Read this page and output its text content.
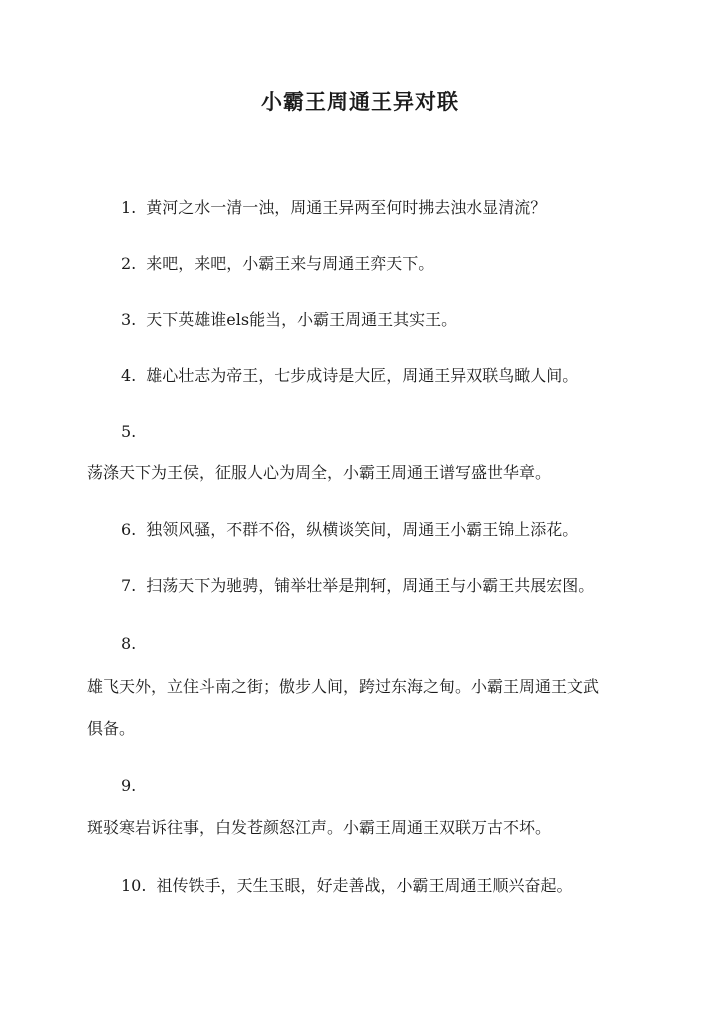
小霸王周通王异对联
1. 黄河之水一清一浊，周通王异两至何时拂去浊水显清流？
2. 来吧，来吧，小霸王来与周通王弈天下。
3. 天下英雄谁els能当，小霸王周通王其实王。
4. 雄心壮志为帝王，七步成诗是大匠，周通王异双联鸟瞰人间。
5.
荡涤天下为王侯，征服人心为周全，小霸王周通王谱写盛世华章。
6. 独领风骚，不群不俗，纵横谈笑间，周通王小霸王锦上添花。
7. 扫荡天下为驰骋，铺举壮举是荆轲，周通王与小霸王共展宏图。
8.
雄飞天外，立住斗南之街；傲步人间，跨过东海之甸。小霸王周通王文武
俱备。
9.
斑驳寒岩诉往事，白发苍颜怒江声。小霸王周通王双联万古不坏。
10. 祖传铁手，天生玉眼，好走善战，小霸王周通王顺兴奋起。
